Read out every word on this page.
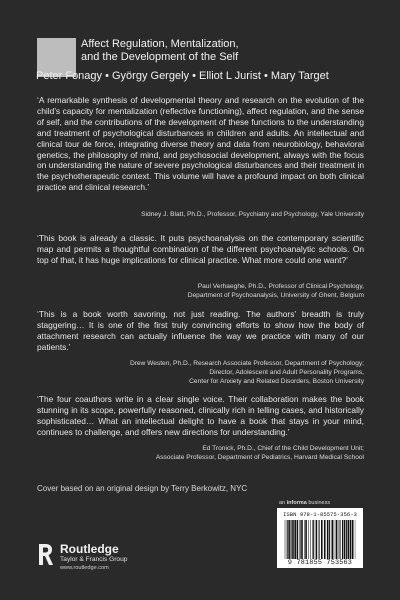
Affect Regulation, Mentalization,
and the Development of the Self
Peter Fonagy • György Gergely • Elliot L Jurist • Mary Target

‘A remarkable synthesis of developmental theory and research on the evolution of the child’s capacity for mentalization (reflective functioning), affect regulation, and the sense of self, and the contributions of the development of these functions to the understanding and treatment of psychological disturbances in children and adults. An intellectual and clinical tour de force, integrating diverse theory and data from neurobiology, behavioral genetics, the philosophy of mind, and psychosocial development, always with the focus on understanding the nature of severe psychological disturbances and their treatment in the psychotherapeutic context. This volume will have a profound impact on both clinical practice and clinical research.’

Sidney J. Blatt, Ph.D., Professor, Psychiatry and Psychology, Yale University

‘This book is already a classic. It puts psychoanalysis on the contemporary scientific map and permits a thoughtful combination of the different psychoanalytic schools. On top of that, it has huge implications for clinical practice. What more could one want?’

Paul Verhaeghe, Ph.D., Professor of Clinical Psychology,
Department of Psychoanalysis, University of Ghent, Belgium

‘This is a book worth savoring, not just reading. The authors’ breadth is truly staggering… It is one of the first truly convincing efforts to show how the body of attachment research can actually influence the way we practice with many of our patients.’

Drew Westen, Ph.D., Research Associate Professor, Department of Psychology;
Director, Adolescent and Adult Personality Programs,
Center for Anxiety and Related Disorders, Boston University

‘The four coauthors write in a clear single voice. Their collaboration makes the book stunning in its scope, powerfully reasoned, clinically rich in telling cases, and historically sophisticated… What an intellectual delight to have a book that stays in your mind, continues to challenge, and offers new directions for understanding.’

Ed Tronick, Ph.D., Chief of the Child Development Unit;
Associate Professor, Department of Pediatrics, Harvard Medical School
Cover based on an original design by Terry Berkowitz, NYC
an informa business
ISBN 978-1-85575-356-3
9 781855 753563
Routledge
Taylor & Francis Group
www.routledge.com
